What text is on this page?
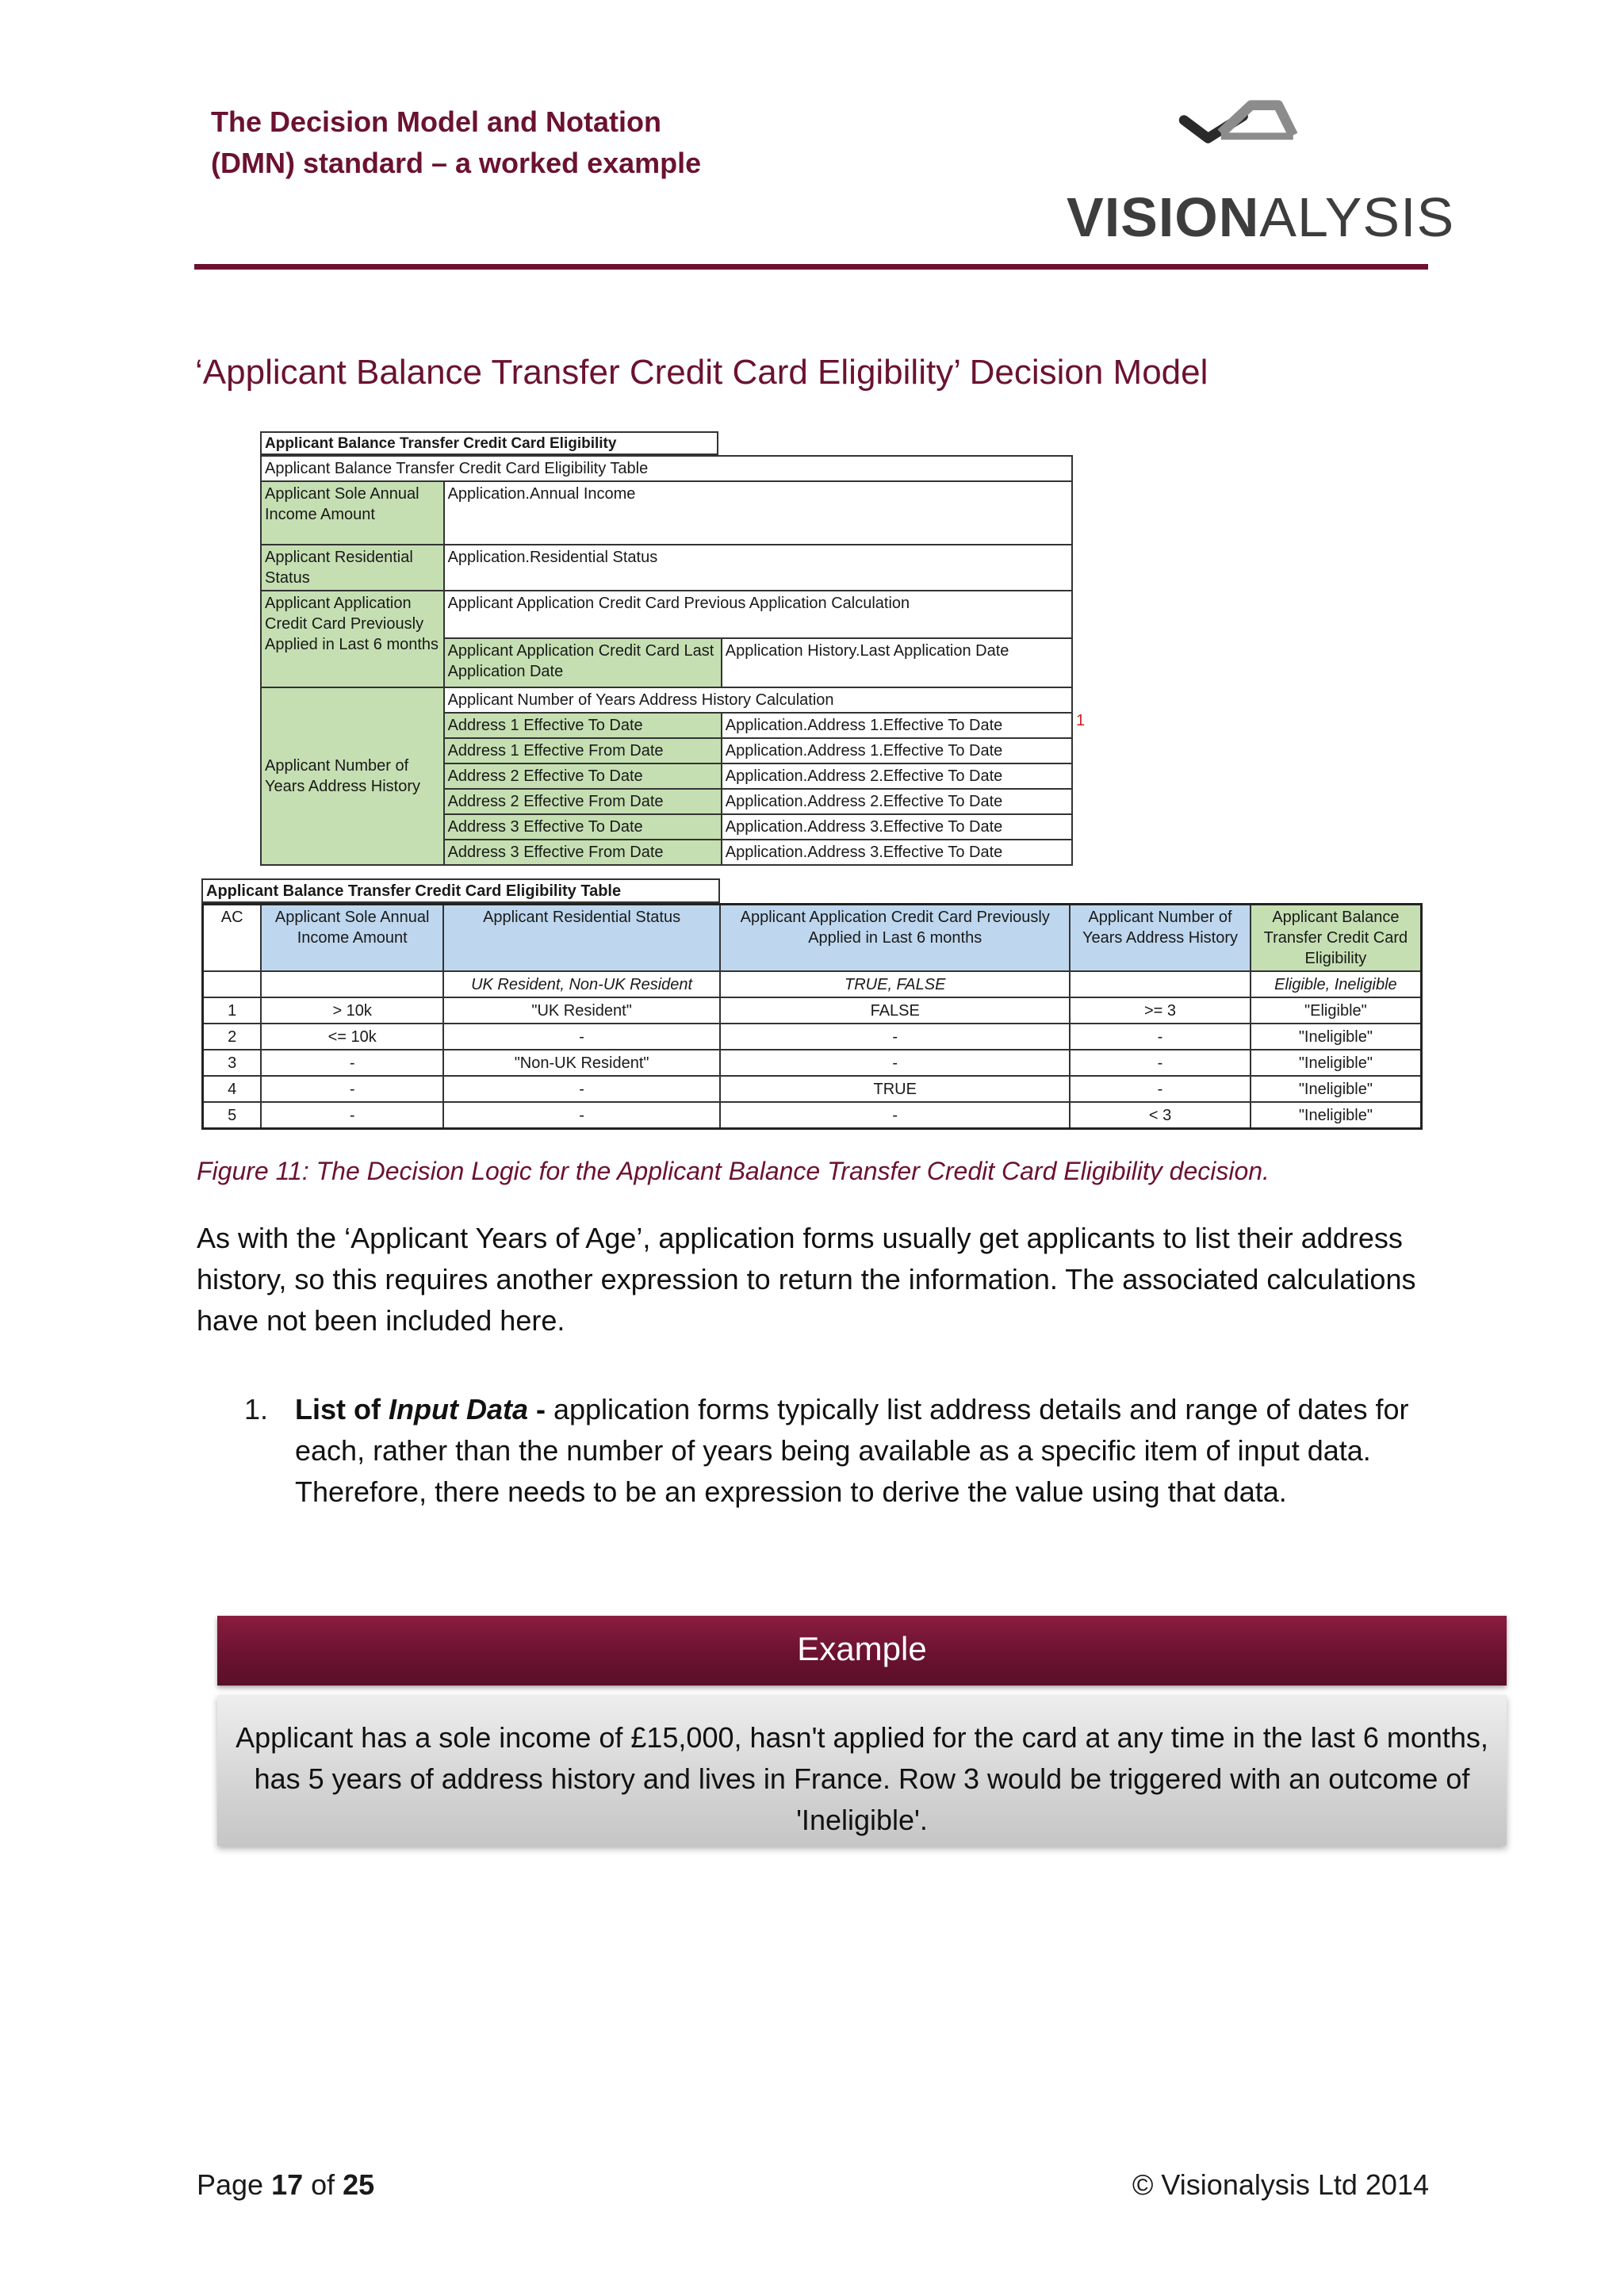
The Decision Model and Notation
(DMN) standard – a worked example
VISIONALYSIS
‘Applicant Balance Transfer Credit Card Eligibility’ Decision Model
Applicant Balance Transfer Credit Card Eligibility
Applicant Balance Transfer Credit Card Eligibility Table		
Applicant Sole Annual Income Amount	Application.Annual Income	
Applicant Residential Status	Application.Residential Status	
Applicant Application Credit Card Previously Applied in Last 6 months	Applicant Application Credit Card Previous Application Calculation	
	Applicant Application Credit Card Last Application Date	Application History.Last Application Date
Applicant Number of Years Address History	Applicant Number of Years Address History Calculation	
	Address 1 Effective To Date	Application.Address 1.Effective To Date
	Address 1 Effective From Date	Application.Address 1.Effective To Date
	Address 2 Effective To Date	Application.Address 2.Effective To Date
	Address 2 Effective From Date	Application.Address 2.Effective To Date
	Address 3 Effective To Date	Application.Address 3.Effective To Date
	Address 3 Effective From Date	Application.Address 3.Effective To Date
1
Applicant Balance Transfer Credit Card Eligibility Table
AC	Applicant Sole Annual Income Amount	Applicant Residential Status	Applicant Application Credit Card Previously Applied in Last 6 months	Applicant Number of Years Address History	Applicant Balance Transfer Credit Card Eligibility
		UK Resident, Non-UK Resident	TRUE, FALSE		Eligible, Ineligible
1	> 10k	"UK Resident"	FALSE	>= 3	"Eligible"
2	<= 10k	-	-	-	"Ineligible"
3	-	"Non-UK Resident"	-	-	"Ineligible"
4	-	-	TRUE	-	"Ineligible"
5	-	-	-	< 3	"Ineligible"
Figure 11: The Decision Logic for the Applicant Balance Transfer Credit Card Eligibility decision.
As with the ‘Applicant Years of Age’, application forms usually get applicants to list their address history, so this requires another expression to return the information. The associated calculations have not been included here.
1. List of Input Data - application forms typically list address details and range of dates for each, rather than the number of years being available as a specific item of input data. Therefore, there needs to be an expression to derive the value using that data.
Example
Applicant has a sole income of £15,000, hasn't applied for the card at any time in the last 6 months, has 5 years of address history and lives in France. Row 3 would be triggered with an outcome of 'Ineligible'.
Page 17 of 25	© Visionalysis Ltd 2014
